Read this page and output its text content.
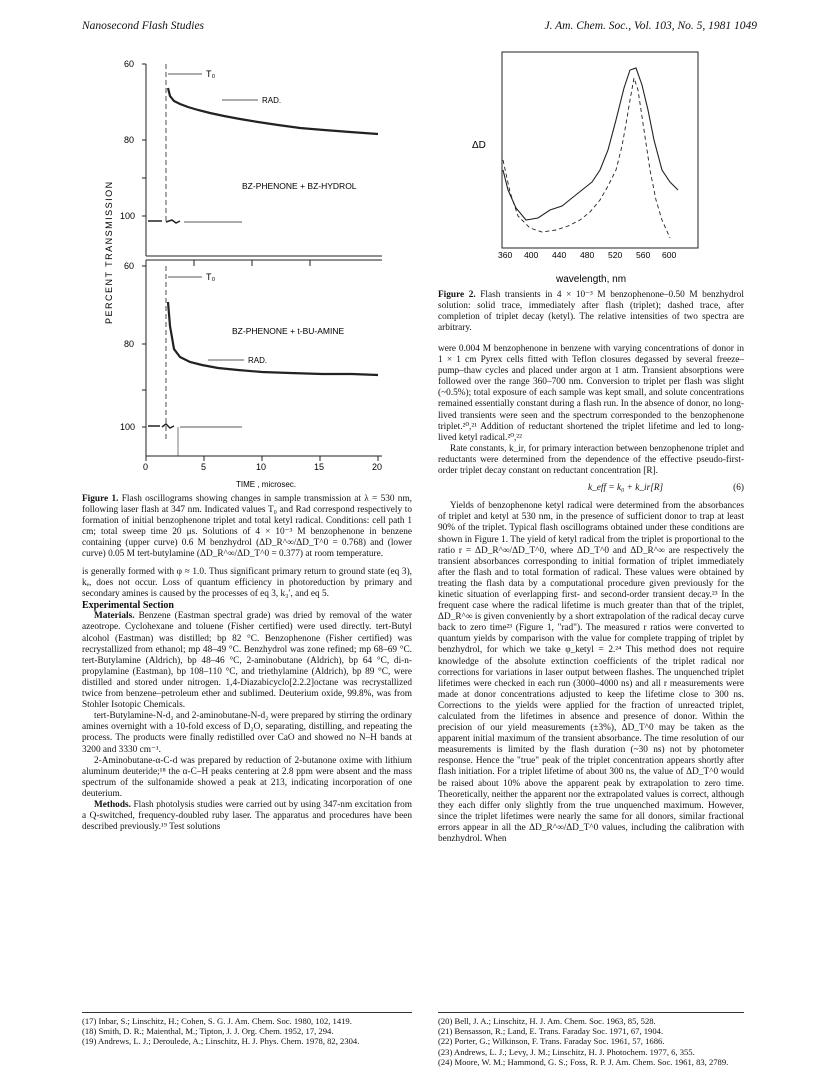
Nanosecond Flash Studies	J. Am. Chem. Soc., Vol. 103, No. 5, 1981 1049
PERCENT TRANSMISSION
60
80
100
T₀
RAD.
BZ-PHENONE + BZ-HYDROL
60
80
100
T₀
RAD.
BZ-PHENONE + t-BU-AMINE
0	5	10	15	20
TIME , microsec.
Figure 1. Flash oscillograms showing changes in sample transmission at λ = 530 nm, following laser flash at 347 nm. Indicated values T₀ and Rad correspond respectively to formation of initial benzophenone triplet and total ketyl radical. Conditions: cell path 1 cm; total sweep time 20 μs. Solutions of 4 × 10⁻³ M benzophenone in benzene containing (upper curve) 0.6 M benzhydrol (ΔD_R^∞/ΔD_T^0 = 0.768) and (lower curve) 0.05 M tert-butylamine (ΔD_R^∞/ΔD_T^0 = 0.377) at room temperature.

is generally formed with φ ≈ 1.0. Thus significant primary return to ground state (eq 3), kₑ, does not occur. Loss of quantum efficiency in photoreduction by primary and secondary amines is caused by the processes of eq 3, k₃′, and eq 5.

Experimental Section

Materials. Benzene (Eastman spectral grade) was dried by removal of the water azeotrope. Cyclohexane and toluene (Fisher certified) were used directly. tert-Butyl alcohol (Eastman) was distilled; bp 82 °C. Benzophenone (Fisher certified) was recrystallized from ethanol; mp 48–49 °C. Benzhydrol was zone refined; mp 68–69 °C. tert-Butylamine (Aldrich), bp 48–46 °C, 2-aminobutane (Aldrich), bp 64 °C, di-n-propylamine (Eastman), bp 108–110 °C, and triethylamine (Aldrich), bp 89 °C, were distilled and stored under nitrogen. 1,4-Diazabicyclo[2.2.2]octane was recrystallized twice from benzene–petroleum ether and sublimed. Deuterium oxide, 99.8%, was from Stohler Isotopic Chemicals.

tert-Butylamine-N-d₂ and 2-aminobutane-N-d₂ were prepared by stirring the ordinary amines overnight with a 10-fold excess of D₂O, separating, distilling, and repeating the process. The products were finally redistilled over CaO and showed no N–H bands at 3200 and 3330 cm⁻¹.

2-Aminobutane-α-C-d was prepared by reduction of 2-butanone oxime with lithium aluminum deuteride;¹⁸ the α-C–H peaks centering at 2.8 ppm were absent and the mass spectrum of the sulfonamide showed a peak at 213, indicating incorporation of one deuterium.

Methods. Flash photolysis studies were carried out by using 347-nm excitation from a Q-switched, frequency-doubled ruby laser. The apparatus and procedures have been described previously.¹⁹ Test solutions

ΔD
360 400 440 480 520 560 600
wavelength, nm
Figure 2. Flash transients in 4 × 10⁻³ M benzophenone–0.50 M benzhydrol solution: solid trace, immediately after flash (triplet); dashed trace, after completion of triplet decay (ketyl). The relative intensities of two spectra are arbitrary.

were 0.004 M benzophenone in benzene with varying concentrations of donor in 1 × 1 cm Pyrex cells fitted with Teflon closures degassed by several freeze–pump–thaw cycles and placed under argon at 1 atm. Transient absorptions were followed over the range 360–700 nm. Conversion to triplet per flash was slight (~0.5%); total exposure of each sample was kept small, and solute concentrations remained essentially constant during a flash run. In the absence of donor, no long-lived transients were seen and the spectrum corresponded to the benzophenone triplet.²⁰,²¹ Addition of reductant shortened the triplet lifetime and led to long-lived ketyl radical.²⁰,²²

Rate constants, k_ir, for primary interaction between benzophenone triplet and reductants were determined from the dependence of the effective pseudo-first-order triplet decay constant on reductant concentration [R].

k_eff = k₀ + k_ir[R]	(6)

Yields of benzophenone ketyl radical were determined from the absorbances of triplet and ketyl at 530 nm, in the presence of sufficient donor to trap at least 90% of the triplet. Typical flash oscillograms obtained under these conditions are shown in Figure 1. The yield of ketyl radical from the triplet is proportional to the ratio r = ΔD_R^∞/ΔD_T^0, where ΔD_T^0 and ΔD_R^∞ are respectively the transient absorbances corresponding to initial formation of triplet immediately after the flash and to total formation of radical. These values were obtained by treating the flash data by a computational procedure given previously for the kinetic situation of everlapping first- and second-order transient decay.²³ In the frequent case where the radical lifetime is much greater than that of the triplet, ΔD_R^∞ is given conveniently by a short extrapolation of the radical decay curve back to zero time²³ (Figure 1, "rad"). The measured r ratios were converted to quantum yields by comparison with the value for complete trapping of triplet by benzhydrol, for which we take φ_ketyl = 2.²⁴ This method does not require knowledge of the absolute extinction coefficients of the triplet radical nor corrections for variations in laser output between flashes. The unquenched triplet lifetimes were checked in each run (3000–4000 ns) and all r measurements were made at donor concentrations adjusted to keep the lifetime close to 300 ns. Corrections to the yields were applied for the fraction of unreacted triplet, calculated from the lifetimes in absence and presence of donor. Within the precision of our yield measurements (±3%), ΔD_T^0 may be taken as the apparent initial maximum of the transient absorbance. The time resolution of our measurements is limited by the flash duration (~30 ns) not by photometer response. Hence the "true" peak of the triplet concentration appears shortly after flash initiation. For a triplet lifetime of about 300 ns, the value of ΔD_T^0 would be raised about 10% above the apparent peak by extrapolation to zero time. Theoretically, neither the apparent nor the extrapolated values is correct, although they each differ only slightly from the true unquenched maximum. However, since the triplet lifetimes were nearly the same for all donors, similar fractional errors appear in all the ΔD_R^∞/ΔD_T^0 values, including the calibration with benzhydrol. When

(17) Inbar, S.; Linschitz, H.; Cohen, S. G. J. Am. Chem. Soc. 1980, 102, 1419.
(18) Smith, D. R.; Maienthal, M.; Tipton, J. J. Org. Chem. 1952, 17, 294.
(19) Andrews, L. J.; Deroulede, A.; Linschitz, H. J. Phys. Chem. 1978, 82, 2304.
(20) Bell, J. A.; Linschitz, H. J. Am. Chem. Soc. 1963, 85, 528.
(21) Bensasson, R.; Land, E. Trans. Faraday Soc. 1971, 67, 1904.
(22) Porter, G.; Wilkinson, F. Trans. Faraday Soc. 1961, 57, 1686.
(23) Andrews, L. J.; Levy, J. M.; Linschitz, H. J. Photochem. 1977, 6, 355.
(24) Moore, W. M.; Hammond, G. S.; Foss, R. P. J. Am. Chem. Soc. 1961, 83, 2789.
